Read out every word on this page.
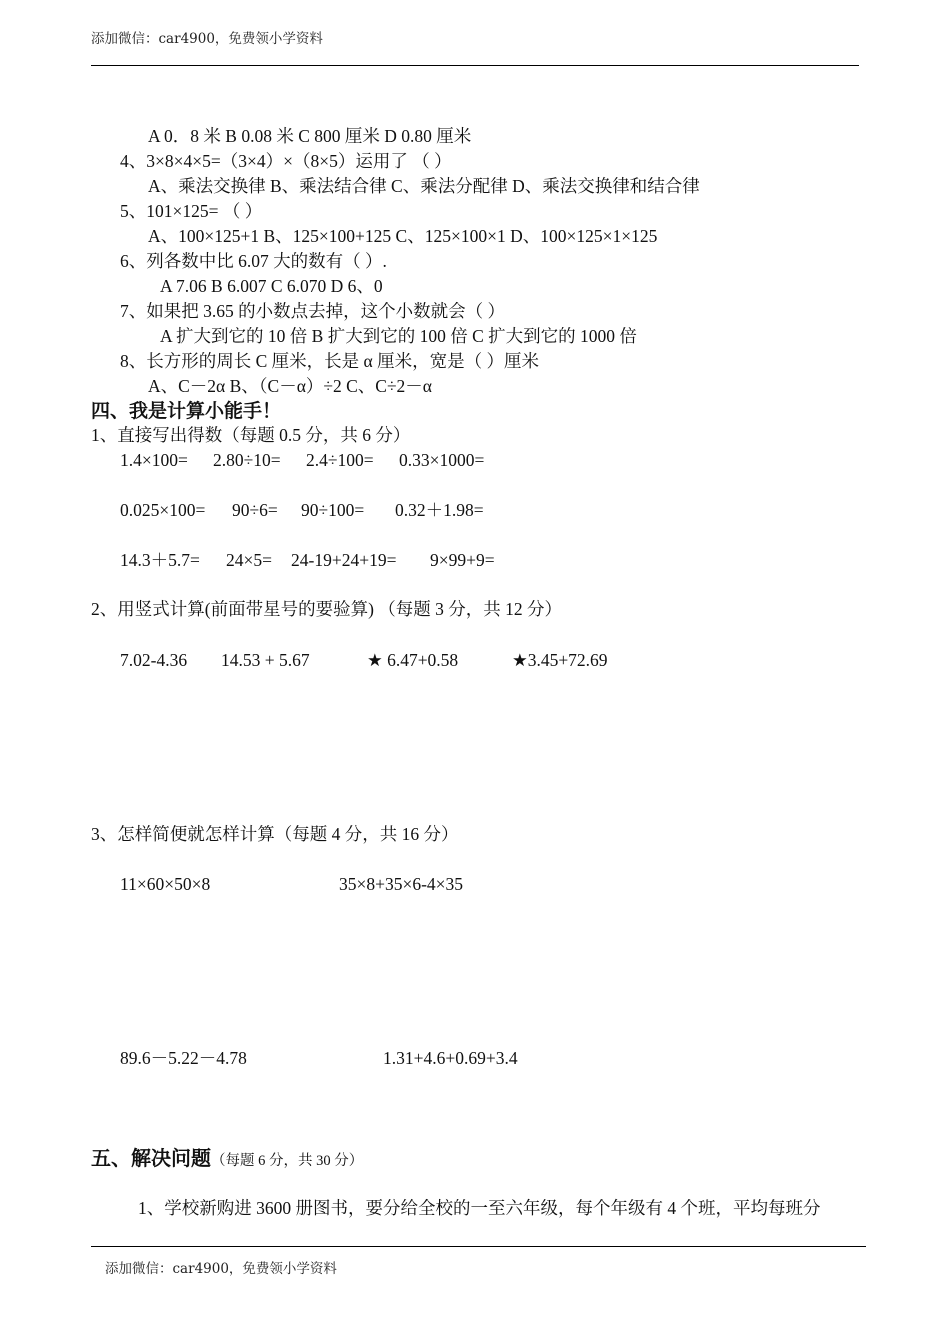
添加微信：car4900，免费领小学资料
A 0．8 米 B 0.08 米 C 800 厘米 D 0.80 厘米
4、3×8×4×5=（3×4）×（8×5）运用了 （ ）
A、乘法交换律 B、乘法结合律 C、乘法分配律 D、乘法交换律和结合律
5、101×125= （ ）
A、100×125+1 B、125×100+125 C、125×100×1 D、100×125×1×125
6、列各数中比 6.07 大的数有（ ）.
A 7.06 B 6.007 C 6.070 D 6、0
7、如果把 3.65 的小数点去掉，这个小数就会（ ）
A 扩大到它的 10 倍 B 扩大到它的 100 倍 C 扩大到它的 1000 倍
8、长方形的周长 C 厘米，长是 α 厘米，宽是（ ）厘米
A、C－2α B、（C－α）÷2 C、C÷2－α
四、我是计算小能手！
1、直接写出得数（每题 0.5 分，共 6 分）
1.4×100= 2.80÷10= 2.4÷100= 0.33×1000=
0.025×100= 90÷6= 90÷100= 0.32＋1.98=
14.3＋5.7= 24×5= 24-19+24+19= 9×99+9=
2、用竖式计算(前面带星号的要验算) （每题 3 分，共 12 分）
7.02-4.36 14.53 + 5.67	★ 6.47+0.58	★3.45+72.69
3、怎样简便就怎样计算（每题 4 分，共 16 分）
11×60×50×8	35×8+35×6-4×35
89.6－5.22－4.78	1.31+4.6+0.69+3.4
五、解决问题（每题 6 分，共 30 分）
1、学校新购进 3600 册图书，要分给全校的一至六年级，每个年级有 4 个班，平均每班分
添加微信：car4900，免费领小学资料
